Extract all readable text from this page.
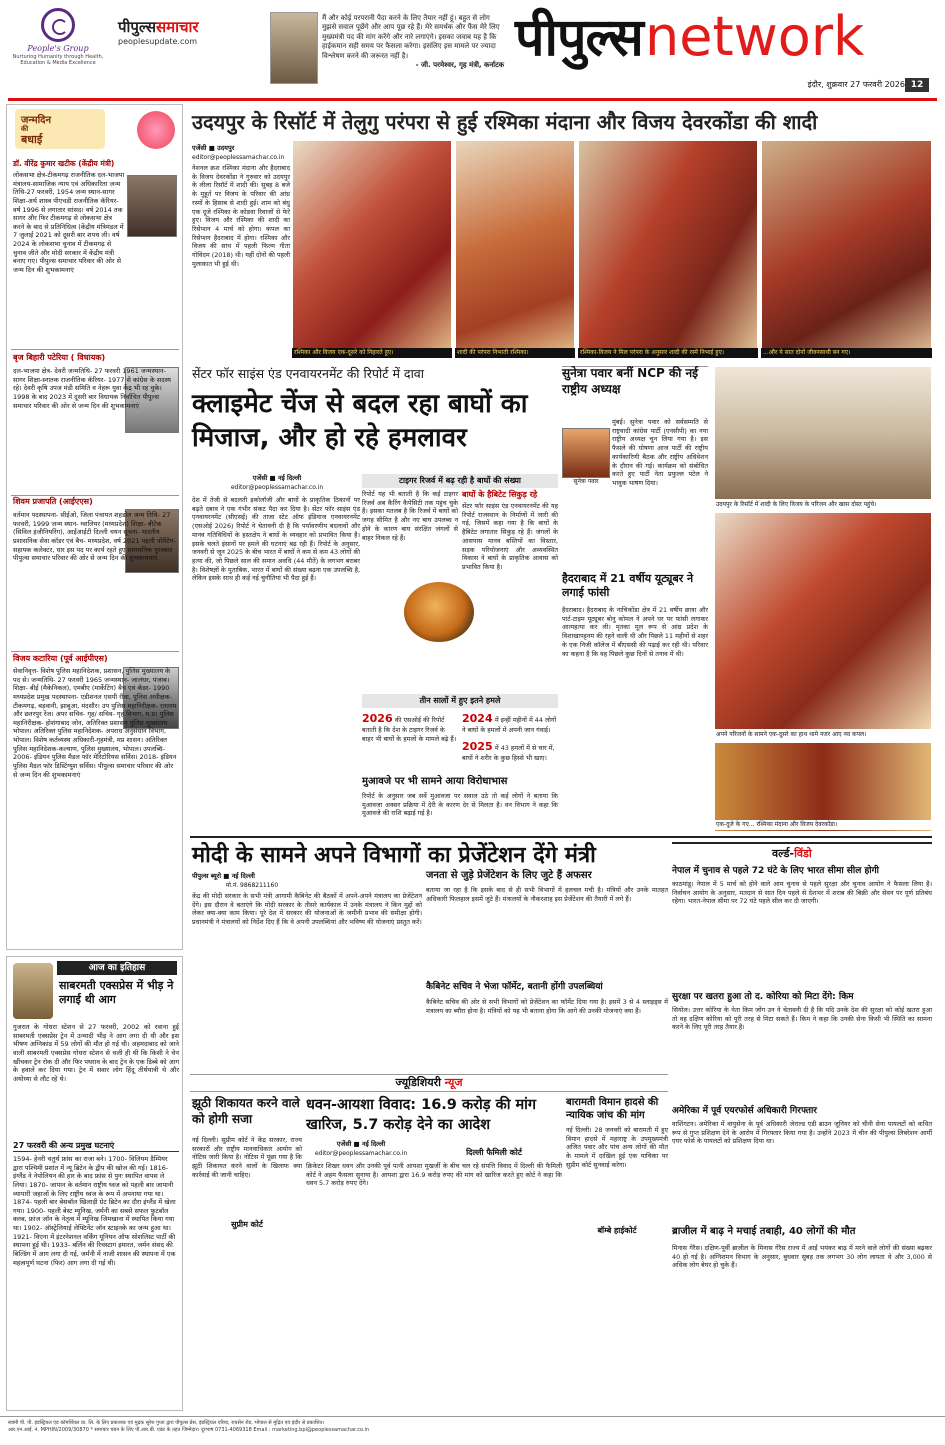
People's Group
Nurturing Humanity through Health, Education & Media Excellence
पीपुल्ससमाचार
peoplesupdate.com
मैं और कोई परपरानी पैदा करने के लिए तैयार नहीं हूं। बहुत से लोग मुझसे सवाल पूछेंगे और आप पूछ रहे हैं। मेरे समर्थक और फैंस मेरे लिए मुख्यमंत्री पद की मांग करेंगे और नारे लगाएंगे। इसका जवाब यह है कि हाईकमान सही समय पर फैसला करेगा। इसलिए इस मामले पर ज्यादा विश्लेषण करने की जरूरत नहीं है।

- जी. परमेश्वर, गृह मंत्री, कर्नाटक पीपुल्स network
इंदौर, शुक्रवार 27 फरवरी 2026 12
जन्मदिन
की
बधाई
डॉ. वीरेंद्र कुमार खटीक (केंद्रीय मंत्री)
लोकसभा क्षेत्र-टीकमगढ़ राजनीतिक दल-भाजपा मंत्रालय-सामाजिक न्याय एवं अधिकारिता जन्म तिथि-27 फरवरी, 1954 जन्म स्थान-सागर शिक्षा-अर्थ शास्त्र पीएचडी राजनीतिक कॅरियर- वर्ष 1996 से लगातार सांसद। वर्ष 2014 तक सागर और फिर टीकमगढ़ से लोकसभा क्षेत्र करने के बाद से प्रतिनिधित्व (केंद्रीय मंत्रिमंडल में 7 जुलाई 2021 को दूसरी बार शपथ ली। वर्ष 2024 के लोकसभा चुनाव में टीकमगढ़ से चुनाव जीते और मोदी सरकार में केंद्रीय मंत्री बनाए गए। पीपुल्स समाचार परिवार की ओर से जन्म दिन की शुभकामनाएं
बृज बिहारी पटेरिया ( विधायक)
दल-भाजपा क्षेत्र- देवरी जन्मतिथि- 27 फरवरी 1961 जन्मस्थान- सागर शिक्षा-स्नातक राजनीतिक कॅरियर- 1977 से कांग्रेस के सदस्य रहे। देवरी कृषि उपज मंडी समिति व नेहरू युवा केंद्र भी रह चुके। 1998 के बाद 2023 में दूसरी बार विधायक निर्वाचित पीपुल्स समाचार परिवार की ओर से जन्म दिन की शुभकामनाएं
शिवम प्रजापति (आईएएस)
वर्तमान पदस्थापना- सीईओ, जिला पंचायत शहडोल जन्म तिथि- 27 फरवरी, 1999 जन्म स्थान- ग्वालियर (मध्यप्रदेश) शिक्षा- बीटेक (सिविल इंजीनियरिंग), आईआईटी दिल्ली चयन सूचना- भारतीय प्रशासनिक सेवा कॉडर एवं बैच- मध्यप्रदेश, वर्ष 2021 पहली पोस्टिंग- सहायक कलेक्टर, धार इस पद पर कार्य रहते हुए प्रशासनिक पुरस्कार पीपुल्स समाचार परिवार की ओर से जन्म दिन की शुभकामनाएं
विजय कटारिया (पूर्व आईपीएस)
सेवानिवृत्त- विशेष पुलिस महानिदेशक, प्रशासन, पुलिस मुख्यालय के पद से। जन्मतिथि- 27 फरवरी 1965 जन्मस्थान- जालंधर, पंजाब। शिक्षा- बीई (मैकेनिकल), एमबीए (मार्केटिंग) बैच एवं कॅडर- 1990 मध्यप्रदेश प्रमुख पदस्थापना- एडीशनल एसपी रीवा, पुलिस अधीक्षक- टीकमगढ़, बड़वानी, झाबुआ, मंदसौर। उप पुलिस महानिरीक्षक- रतलाम और छतरपुर रेंज। अपर सचिव- गृह/ सचिव- गृह विभाग, म.प्र। पुलिस महानिरीक्षक- होशंगाबाद जोन, अतिरिक्त प्रशासन पुलिस मुख्यालय भोपाल। अतिरिक्त पुलिस महानिदेशक- अपराध अनुसंधान विभाग, भोपाल। विशेष कर्तव्यस्थ अधिकारी-गृहमंत्री, मप्र शासन। अतिरिक्त पुलिस महानिदेशक-कल्याण, पुलिस मुख्यालय, भोपाल। उपलब्धि- 2006- इंडियन पुलिस मैडल फॉर मेरिटोरियस सर्विस। 2018- इंडियन पुलिस मैडल फॉर डिस्टिंग्युश सर्विस। पीपुल्स समाचार परिवार की ओर से जन्म दिन की शुभकामनाएं
आज का इतिहास
साबरमती एक्सप्रेस में भीड़ ने लगाई थी आग
गुजरात के गोधरा स्टेशन से 27 फरवरी, 2002 को रवाना हुई साबरमती एक्सप्रेस ट्रेन में उन्मादी भीड़ ने आग लगा दी थी और इस भीषण अग्निकांड में 59 लोगों की मौत हो गई थी। अहमदाबाद को जाने वाली साबरमती एक्सप्रेस गोधरा स्टेशन से चली ही थी कि किसी ने चेन खींचकर ट्रेन रोक दी और फिर पथराव के बाद ट्रेन के एक डिब्बे को आग के हवाले कर दिया गया। ट्रेन में सवार लोग हिंदू तीर्थयात्री थे और अयोध्या से लौट रहे थे।
27 फरवरी की अन्य प्रमुख घटनाएं
1594- हेनरी चतुर्थ फ्रांस का राजा बने। 1700- विलियम डैम्पियर द्वारा पश्चिमी प्रशांत में न्यू ब्रिटेन के द्वीप की खोज की गई। 1816- इंग्लैंड ने नेपोलियन की हार के बाद फ्रांस से पुनः स्थापित वापस ले लिया। 1870- जापान के वर्तमान राष्ट्रीय ध्वज को पहली बार जापानी व्यापारी जहाजों के लिए राष्ट्रीय ध्वज के रूप में अपनाया गया था। 1874- पहली बार बेसबॉल खिलाड़ी ग्रेट ब्रिटेन का दौरा इंग्लैंड में खेला गया। 1900- पहली बेस्ट म्यूनिख, जर्मनी का सबसे सफल फुटबॉल क्लब, फ्रांज जॉन के नेतृत्व में म्यूनिख जिमखाना में स्थापित किया गया था। 1902- ऑस्ट्रेलियाई लेफ्टिनेंट जॉन स्टाइनके का जन्म हुआ था। 1921- विएना में इंटरनेशनल वर्किंग यूनियन ऑफ सोशलिस्ट पार्टी की स्थापना हुई थी। 1933- बर्लिन की रिचस्टाग इमारत, जर्मन संसद की बिल्डिंग में आग लगा दी गई, जर्मनी में नाजी शासन की स्थापना में एक महत्वपूर्ण घटना (फिर) आग लगा दी गई थी।
उदयपुर के रिसॉर्ट में तेलुगु परंपरा से हुई रश्मिका मंदाना और विजय देवरकोंडा की शादी
एजेंसी ■ उदयपुर
editor@peoplessamachar.co.in
नेशनल क्रश रश्मिका मंदाना और हैदराबाद के विजय देवरकोंडा ने गुरुवार को उदयपुर के लीला रिसॉर्ट में शादी की। सुबह 8 बजे के मुहूर्त पर विजय के परिवार की आंध्र रस्मों के हिसाब से शादी हुई। शाम को बंधु एक दूजे रश्मिका के कोडवा रिवाजों से फेरे हुए। विजय और रश्मिका की शादी का रिसेप्शन 4 मार्च को होगा। कपल का रिसेप्शन हैदराबाद में होगा। रश्मिका और विजय की साथ में पहली फिल्म गीता गोविंदम (2018) थी। यहीं दोनों की पहली मुलाकात भी हुई थी।
रश्मिका और विजय एक-दूसरे को निहारते हुए।	शादी की परंपरा निभाती रश्मिका।	रश्मिका-विजय ने मिल परंपरा के अनुसार शादी की रस्में निभाई हुए।	...और ये सात दोनों जीवनसाथी बन गए।
सेंटर फॉर साइंस एंड एनवायरनमेंट की रिपोर्ट में दावा
क्लाइमेट चेंज से बदल रहा बाघों का मिजाज, और हो रहे हमलावर
एजेंसी ■ नई दिल्ली
editor@peoplessamachar.co.in
देश में तेजी से बदलती इकोलॉजी और बाघों के प्राकृतिक ठिकानों पर बढ़ते दबाव ने एक गंभीर संकट पैदा कर दिया है। सेंटर फॉर साइंस एंड एनवायरनमेंट (सीएसई) की ताजा स्टेट ऑफ इंडियाज एनवायरनमेंट (एसओई 2026) रिपोर्ट ने चेतावनी दी है कि पर्यावरणीय बदलावों और मानव गतिविधियों के हस्तक्षेप ने बाघों के व्यवहार को प्रभावित किया है। इसके चलते इंसानों पर हमले की घटनाएं बढ़ रही हैं। रिपोर्ट के अनुसार, जनवरी से जून 2025 के बीच भारत में बाघों ने कम से कम 43 लोगों की हत्या की, जो पिछले साल की समान अवधि (44 मौतें) के लगभग बराबर है। विशेषज्ञों के मुताबिक, भारत में बाघों की संख्या बढ़ना एक उपलब्धि है, लेकिन इसके साथ ही कई नई चुनौतियां भी पैदा हुई हैं।
टाइगर रिजर्व में बढ़ रही है बाघों की संख्या
रिपोर्ट यह भी बताती है कि कई टाइगर रिजर्व अब कैरिंग कैपेसिटी तक पहुंच चुके हैं। इसका मतलब है कि रिजर्व में बाघों को जगह सीमित है और नए बाघ उपलब्ध न होने के कारण बाघ संरक्षित जंगलों से बाहर निकल रहे हैं।
बाघों के हैबिटेट सिकुड़ रहे
सेंटर फॉर साइंस एंड एनवायरनमेंट की यह रिपोर्ट राजस्थान के निर्माणों में जारी की गई, जिसमें कहा गया है कि बाघों के हैबिटेट लगातार सिकुड़ रहे हैं। जंगलों के आसपास मानव बस्तियों का विस्तार, सड़क परियोजनाएं और अव्यवस्थित विकास ने बाघों के प्राकृतिक आवास को प्रभावित किया है।
तीन सालों में हुए इतने हमले
2026 की एसओई की रिपोर्ट बताती है कि देश के टाइगर रिजर्व के बाहर भी बाघों के हमलों के मामले बढ़े हैं।
2024 में इन्हीं महीनों में 44 लोगों ने बाघों के हमलों में अपनी जान गंवाई।
2025 में 43 हमलों में से चार में, बाघों ने शरीर के कुछ हिस्से भी खाए।
मुआवजे पर भी सामने आया विरोधाभास
रिपोर्ट के अनुसार जब सर्वे मुआवजा पर सवाल उठे तो कई लोगों ने बताया कि मुआवजा अक्सर प्रक्रिया में देरी के कारण देर से मिलता है। वन विभाग ने कहा कि मुआवजे की राशि बढ़ाई गई है।
सुनेत्रा पवार बनीं NCP की नई राष्ट्रीय अध्यक्ष
सुनेत्रा पवार
मुंबई। सुनेत्रा पवार को सर्वसम्मति से राष्ट्रवादी कांग्रेस पार्टी (एनसीपी) का नया राष्ट्रीय अध्यक्ष चुन लिया गया है। इस फैसले की घोषणा आज पार्टी की राष्ट्रीय कार्यकारिणी बैठक और राष्ट्रीय अधिवेशन के दौरान की गई। कार्यक्रम को संबोधित करते हुए पार्टी नेता प्रफुल्ल पटेल ने भावुक भाषण दिया।
हैदराबाद में 21 वर्षीय यूट्यूबर ने लगाई फांसी
हैदराबाद। हैदराबाद के नाचिकोंडा क्षेत्र में 21 वर्षीय छात्रा और पार्ट-टाइम यूट्यूबर बोनु कोमल ने अपने घर पर फांसी लगाकर आत्महत्या कर ली। मृतका मूल रूप से आंध्र प्रदेश के विशाखापट्टनम की रहने वाली थी और पिछले 11 महीनों से शहर के एक निजी कॉलेज में बीएससी की पढ़ाई कर रही थी। परिवार का कहना है कि वह पिछले कुछ दिनों से तनाव में थी।
उदयपुर के रिसॉर्ट में शादी के लिए विजय के परिजन और खास दोस्त पहुंचे।
अपने परिजनों के सामने एक-दूसरे का हाथ थामे नजर आए नव कपल।
एक-दूजे के गए... रश्मिका मंदाना और विजय देवरकोंडा।
मोदी के सामने अपने विभागों का प्रेजेंटेशन देंगे मंत्री
पीपुल्स ब्यूरो ■ नई दिल्ली
मो.नं. 9868211160
केंद्र की मोदी सरकार के सभी मंत्री आगामी कैबिनेट की बैठकों में अपने-अपने मंत्रालय का प्रेजेंटेशन देंगे। इस दौरान वे बताएंगे कि मोदी सरकार के तीसरे कार्यकाल में उनके मंत्रालय ने किन मुद्दों को लेकर क्या-क्या काम किया। पूरे देश में सरकार की योजनाओं के जमीनी प्रभाव की समीक्षा होगी। प्रधानमंत्री ने मंत्रालयों को निर्देश दिए हैं कि वे अपनी उपलब्धियां और भविष्य की योजनाएं प्रस्तुत करें।
जनता से जुड़े प्रेजेंटेशन के लिए जुटे हैं अफसर
बताया जा रहा है कि इसके बाद से ही सभी विभागों में हलचल मची है। मंत्रियों और उनके मातहत अधिकारी फिलहाल इसमें जुटे हैं। मंत्रालयों के नौकरशाह इस प्रेजेंटेशन की तैयारी में लगे हैं।
कैबिनेट सचिव ने भेजा फॉर्मेट, बतानी होंगी उपलब्धियां
कैबिनेट सचिव की ओर से सभी विभागों को प्रेजेंटेशन का फॉर्मेट दिया गया है। इसमें 3 से 4 स्लाइड्स में मंत्रालय का ब्यौरा होना है। मंत्रियों को यह भी बताना होगा कि आगे की उनकी योजनाएं क्या हैं।
वर्ल्ड-विंडो
नेपाल में चुनाव से पहले 72 घंटे के लिए भारत सीमा सील होगी
काठमांडू। नेपाल में 5 मार्च को होने वाले आम चुनाव से पहले सुरक्षा और चुनाव आयोग ने फैसला लिया है। निर्वाचन आयोग के अनुसार, मतदान से सात दिन पहले से देशभर में शराब की बिक्री और सेवन पर पूर्ण प्रतिबंध रहेगा। भारत-नेपाल सीमा पर 72 घंटे पहले सील कर दी जाएगी।
सुरक्षा पर खतरा हुआ तो द. कोरिया को मिटा देंगे: किम
सियोल। उत्तर कोरिया के नेता किम जोंग उन ने चेतावनी दी है कि यदि उनके देश की सुरक्षा को कोई खतरा हुआ तो वह दक्षिण कोरिया को पूरी तरह से मिटा सकते हैं। किम ने कहा कि उनकी सेना किसी भी स्थिति का सामना करने के लिए पूरी तरह तैयार है।
अमेरिका में पूर्व एयरफोर्स अधिकारी गिरफ्तार
वाशिंगटन। अमेरिका में वायुसेना के पूर्व अधिकारी जेराल्ड एडी ब्राउन जूनियर को चीनी सेना पायलटों को कथित रूप से गुप्त प्रशिक्षण देने के आरोप में गिरफ्तार किया गया है। उन्होंने 2023 में चीन की पीपुल्स लिबरेशन आर्मी एयर फोर्स के पायलटों को प्रशिक्षण दिया था।
ब्राजील में बाढ़ ने मचाई तबाही, 40 लोगों की मौत
मिनास गेरैस। दक्षिण-पूर्वी ब्राजील के मिनास गेरैस राज्य में आई भयंकर बाढ़ में मरने वाले लोगों की संख्या बढ़कर 40 हो गई है। अग्निशमन विभाग के अनुसार, बुधवार सुबह तक लगभग 30 लोग लापता थे और 3,000 से अधिक लोग बेघर हो चुके हैं।
ज्यूडिशियरी न्यूज
झूठी शिकायत करने वाले को होगी सजा
नई दिल्ली। सुप्रीम कोर्ट ने केंद्र सरकार, राज्य सरकारों और राष्ट्रीय मानवाधिकार आयोग को नोटिस जारी किया है। नोटिस में पूछा गया है कि झूठी शिकायत करने वालों के खिलाफ क्या कार्रवाई की जानी चाहिए।
सुप्रीम कोर्ट
धवन-आयशा विवाद: 16.9 करोड़ की मांग खारिज, 5.7 करोड़ देने का आदेश
एजेंसी ■ नई दिल्ली
editor@peoplessamachar.co.in
क्रिकेटर शिखर धवन और उनकी पूर्व पत्नी आयशा मुखर्जी के बीच चल रहे संपत्ति विवाद में दिल्ली की फैमिली कोर्ट ने अहम फैसला सुनाया है। आयशा द्वारा 16.9 करोड़ रुपए की मांग को खारिज करते हुए कोर्ट ने कहा कि धवन 5.7 करोड़ रुपए देंगे।
दिल्ली फैमिली कोर्ट
बारामती विमान हादसे की न्यायिक जांच की मांग
नई दिल्ली। 28 जनवरी को बारामती में हुए विमान हादसे में महाराष्ट्र के उपमुख्यमंत्री अजित पवार और पांच अन्य लोगों की मौत के मामले में दाखिल हुई एक याचिका पर सुप्रीम कोर्ट सुनवाई करेगा।
बॉम्बे हाईकोर्ट
स्वामी पी. पी. इंडस्ट्रियल एंड कॉमर्शियल प्रा. लि. के लिए प्रकाशक एवं मुद्रक सुरेश गुप्ता द्वारा पीपुल्स प्रेस, इंडस्ट्रियल एरिया, रायसेन रोड, भोपाल से मुद्रित एवं इंदौर से प्रकाशित।
आर.एन.आई. नं. MPHIN/2009/30870 * समाचार चयन के लिए पी.आर.बी. एक्ट के तहत जिम्मेदार। दूरभाष 0731-4069318 Email : marketing.bpl@peoplessamachar.co.in
